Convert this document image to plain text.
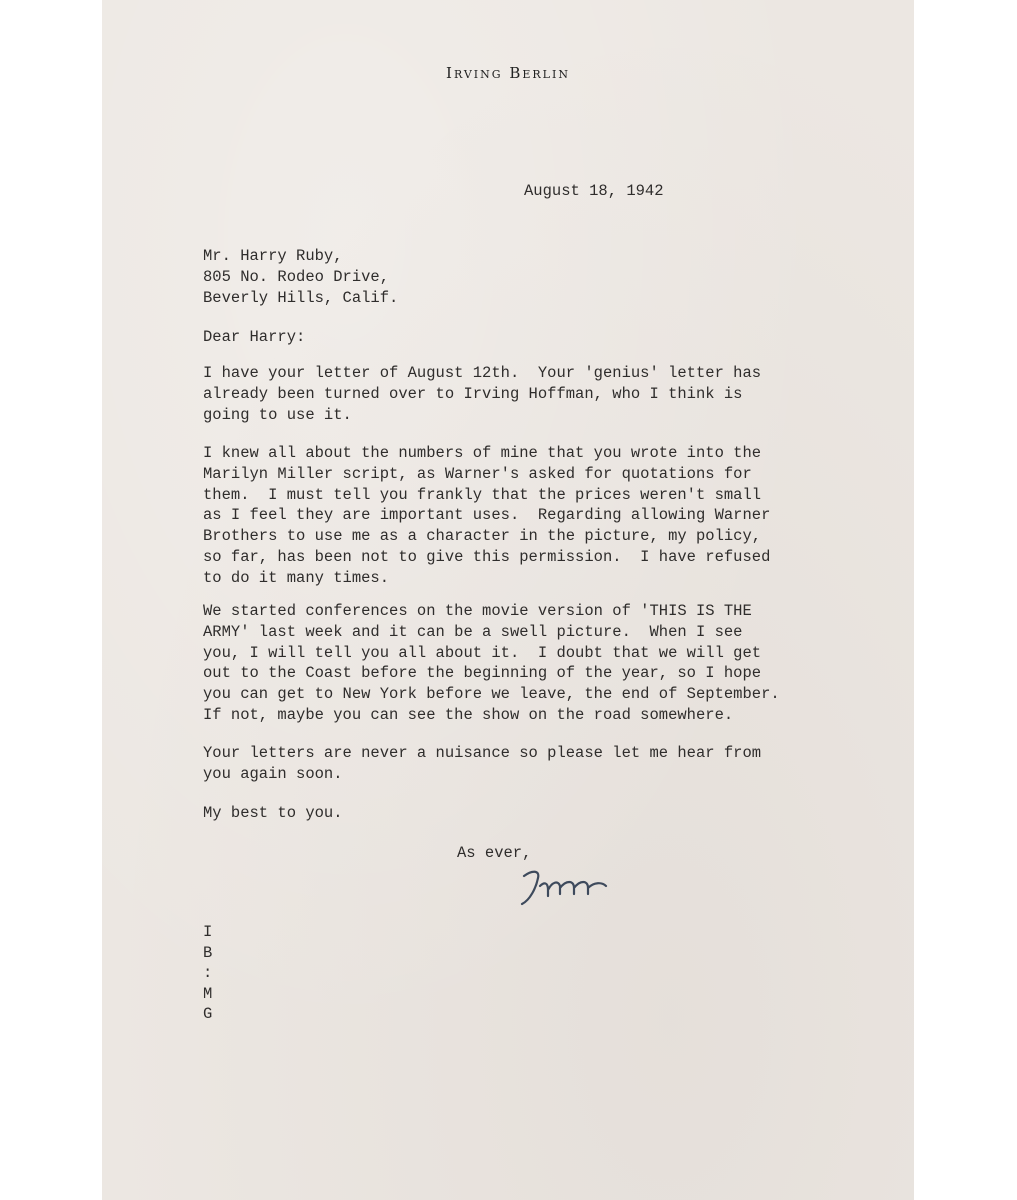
Irving Berlin
August 18, 1942
Mr. Harry Ruby,
805 No. Rodeo Drive,
Beverly Hills, Calif.
Dear Harry:
I have your letter of August 12th.  Your 'genius' letter has
already been turned over to Irving Hoffman, who I think is
going to use it.
I knew all about the numbers of mine that you wrote into the
Marilyn Miller script, as Warner's asked for quotations for
them.  I must tell you frankly that the prices weren't small
as I feel they are important uses.  Regarding allowing Warner
Brothers to use me as a character in the picture, my policy,
so far, has been not to give this permission.  I have refused
to do it many times.
We started conferences on the movie version of 'THIS IS THE
ARMY' last week and it can be a swell picture.  When I see
you, I will tell you all about it.  I doubt that we will get
out to the Coast before the beginning of the year, so I hope
you can get to New York before we leave, the end of September.
If not, maybe you can see the show on the road somewhere.
Your letters are never a nuisance so please let me hear from
you again soon.
My best to you.
As ever,
I
B
:
M
G
